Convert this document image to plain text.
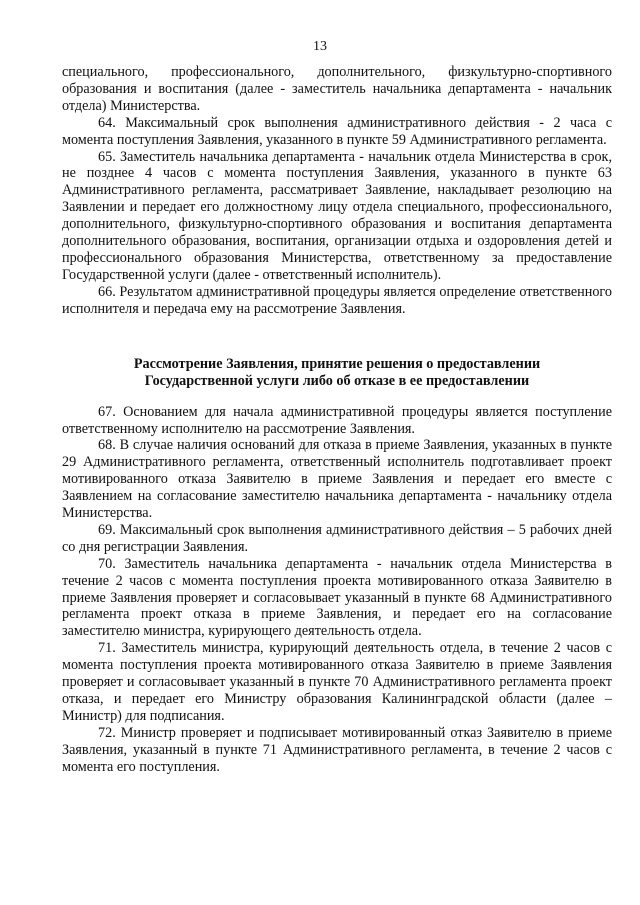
13

специального, профессионального, дополнительного, физкультурно-спортивного образования и воспитания (далее - заместитель начальника департамента - начальник отдела) Министерства.

64. Максимальный срок выполнения административного действия - 2 часа с момента поступления Заявления, указанного в пункте 59 Административного регламента.

65. Заместитель начальника департамента - начальник отдела Министерства в срок, не позднее 4 часов с момента поступления Заявления, указанного в пункте 63 Административного регламента, рассматривает Заявление, накладывает резолюцию на Заявлении и передает его должностному лицу отдела специального, профессионального, дополнительного, физкультурно-спортивного образования и воспитания департамента дополнительного образования, воспитания, организации отдыха и оздоровления детей и профессионального образования Министерства, ответственному за предоставление Государственной услуги (далее - ответственный исполнитель).

66. Результатом административной процедуры является определение ответственного исполнителя и передача ему на рассмотрение Заявления.

Рассмотрение Заявления, принятие решения о предоставлении
Государственной услуги либо об отказе в ее предоставлении

67. Основанием для начала административной процедуры является поступление ответственному исполнителю на рассмотрение Заявления.

68. В случае наличия оснований для отказа в приеме Заявления, указанных в пункте 29 Административного регламента, ответственный исполнитель подготавливает проект мотивированного отказа Заявителю в приеме Заявления и передает его вместе с Заявлением на согласование заместителю начальника департамента - начальнику отдела Министерства.

69. Максимальный срок выполнения административного действия – 5 рабочих дней со дня регистрации Заявления.

70. Заместитель начальника департамента - начальник отдела Министерства в течение 2 часов с момента поступления проекта мотивированного отказа Заявителю в приеме Заявления проверяет и согласовывает указанный в пункте 68 Административного регламента проект отказа в приеме Заявления, и передает его на согласование заместителю министра, курирующего деятельность отдела.

71. Заместитель министра, курирующий деятельность отдела, в течение 2 часов с момента поступления проекта мотивированного отказа Заявителю в приеме Заявления проверяет и согласовывает указанный в пункте 70 Административного регламента проект отказа, и передает его Министру образования Калининградской области (далее – Министр) для подписания.

72. Министр проверяет и подписывает мотивированный отказ Заявителю в приеме Заявления, указанный в пункте 71 Административного регламента, в течение 2 часов с момента его поступления.
